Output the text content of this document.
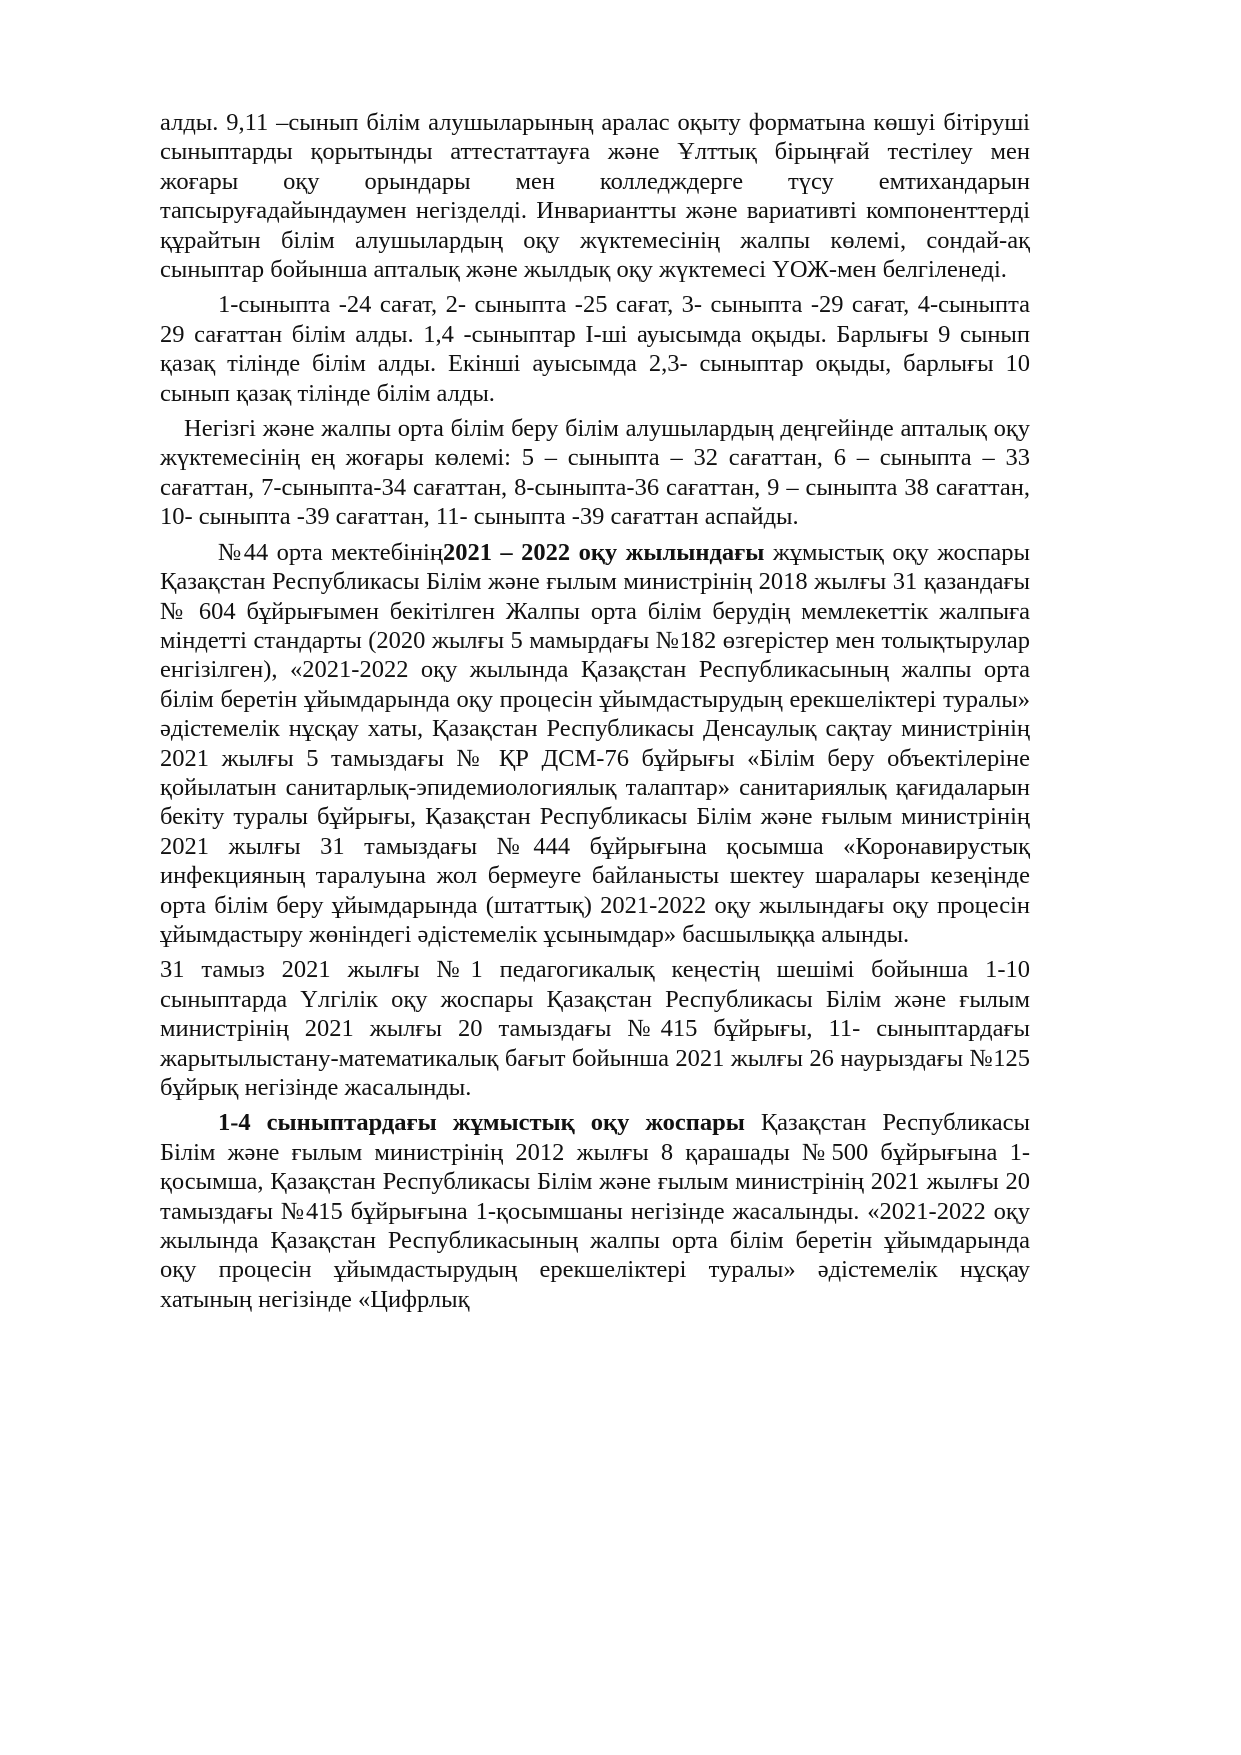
алды. 9,11 –сынып білім алушыларының аралас оқыту форматына көшуі бітіруші сыныптарды қорытынды аттестаттауға және Ұлттық бірыңғай тестілеу мен жоғары оқу орындары мен колледждерге түсу емтихандарын тапсыруғадайындаумен негізделді. Инвариантты және вариативті компоненттерді құрайтын білім алушылардың оқу жүктемесінің жалпы көлемі, сондай-ақ сыныптар бойынша апталық және жылдық оқу жүктемесі ҮОЖ-мен белгіленеді.

1-сыныпта -24 сағат, 2- сыныпта -25 сағат, 3- сыныпта -29 сағат, 4-сыныпта 29 сағаттан білім алды. 1,4 -сыныптар І-ші ауысымда оқыды. Барлығы 9 сынып қазақ тілінде білім алды. Екінші ауысымда 2,3- сыныптар оқыды, барлығы 10 сынып қазақ тілінде білім алды.

Негізгі және жалпы орта білім беру білім алушылардың деңгейінде апталық оқу жүктемесінің ең жоғары көлемі: 5 – сыныпта – 32 сағаттан, 6 – сыныпта – 33 сағаттан, 7-сыныпта-34 сағаттан, 8-сыныпта-36 сағаттан, 9 – сыныпта 38 сағаттан, 10- сыныпта -39 сағаттан, 11- сыныпта -39 сағаттан аспайды.

№44 орта мектебінің2021 – 2022 оқу жылындағы жұмыстық оқу жоспары Қазақстан Республикасы Білім және ғылым министрінің 2018 жылғы 31 қазандағы № 604 бұйрығымен бекітілген Жалпы орта білім берудің мемлекеттік жалпыға міндетті стандарты (2020 жылғы 5 мамырдағы №182 өзгерістер мен толықтырулар енгізілген), «2021-2022 оқу жылында Қазақстан Республикасының жалпы орта білім беретін ұйымдарында оқу процесін ұйымдастырудың ерекшеліктері туралы» әдістемелік нұсқау хаты, Қазақстан Республикасы Денсаулық сақтау министрінің 2021 жылғы 5 тамыздағы № ҚР ДСМ-76 бұйрығы «Білім беру объектілеріне қойылатын санитарлық-эпидемиологиялық талаптар» санитариялық қағидаларын бекіту туралы бұйрығы, Қазақстан Республикасы Білім және ғылым министрінің 2021 жылғы 31 тамыздағы №444 бұйрығына қосымша «Коронавирустық инфекцияның таралуына жол бермеуге байланысты шектеу шаралары кезеңінде орта білім беру ұйымдарында (штаттық) 2021-2022 оқу жылындағы оқу процесін ұйымдастыру жөніндегі әдістемелік ұсынымдар» басшылыққа алынды.

31 тамыз 2021 жылғы №1 педагогикалық кеңестің шешімі бойынша 1-10 сыныптарда Үлгілік оқу жоспары Қазақстан Республикасы Білім және ғылым министрінің 2021 жылғы 20 тамыздағы №415 бұйрығы, 11- сыныптардағы жарытылыстану-математикалық бағыт бойынша 2021 жылғы 26 наурыздағы №125 бұйрық негізінде жасалынды.

1-4 сыныптардағы жұмыстық оқу жоспары Қазақстан Республикасы Білім және ғылым министрінің 2012 жылғы 8 қарашады №500 бұйрығына 1-қосымша, Қазақстан Республикасы Білім және ғылым министрінің 2021 жылғы 20 тамыздағы №415 бұйрығына 1-қосымшаны негізінде жасалынды. «2021-2022 оқу жылында Қазақстан Республикасының жалпы орта білім беретін ұйымдарында оқу процесін ұйымдастырудың ерекшеліктері туралы» әдістемелік нұсқау хатының негізінде «Цифрлық
